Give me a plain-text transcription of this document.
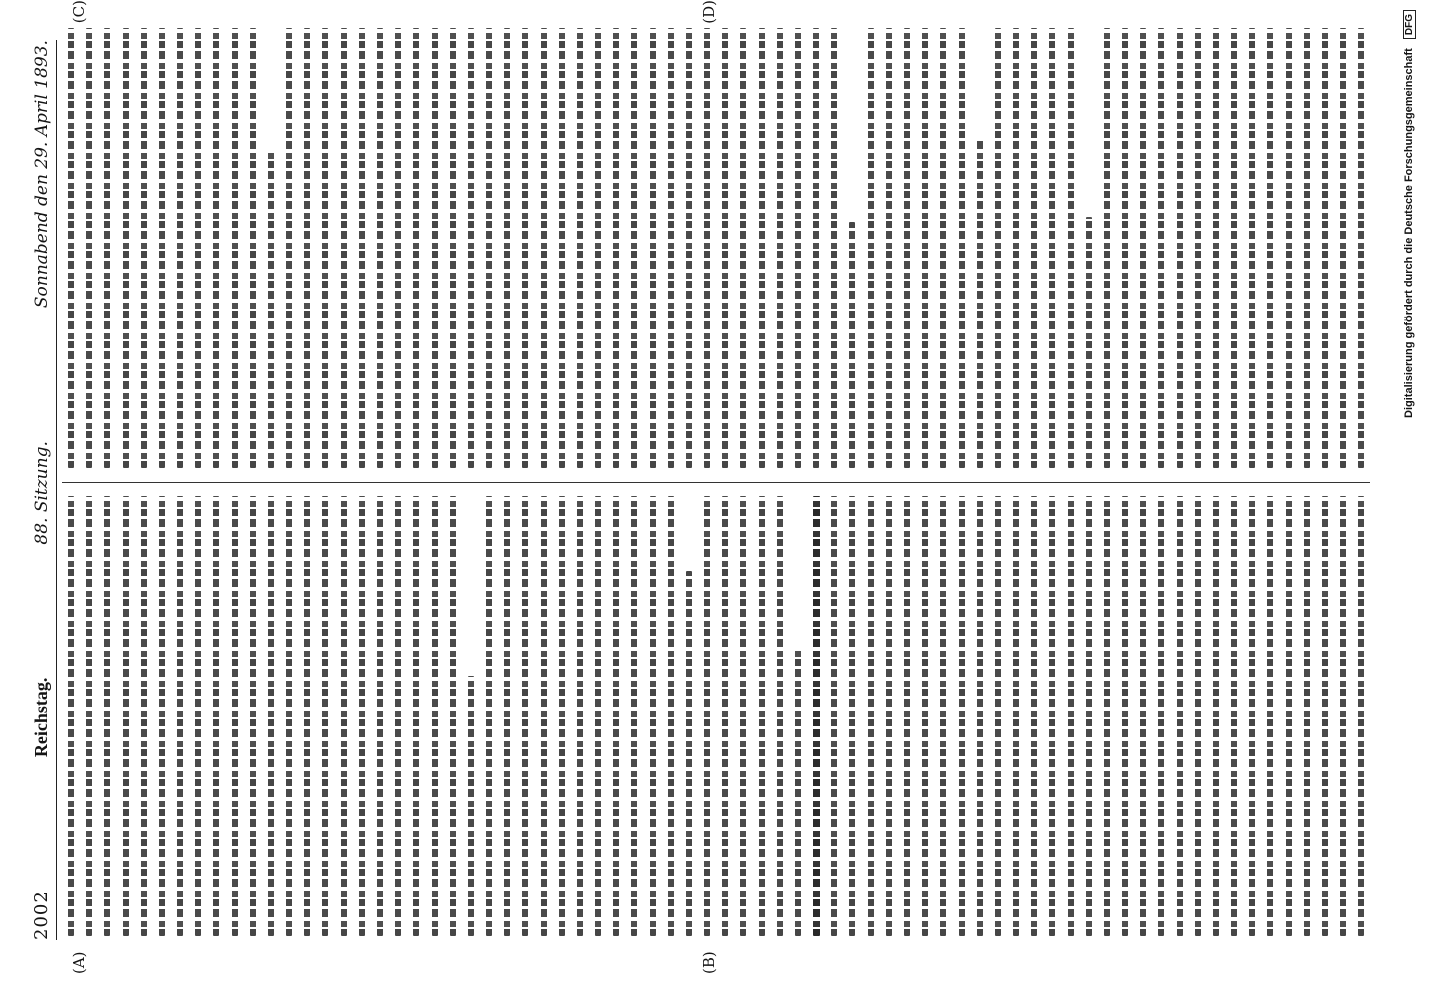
2002
Reichstag.
88. Sitzung.
Sonnabend den 29. April 1893.
(A)	(B)
(C)	(D)
Digitalisierung gefördert durch die Deutsche Forschungsgemeinschaft DFG
